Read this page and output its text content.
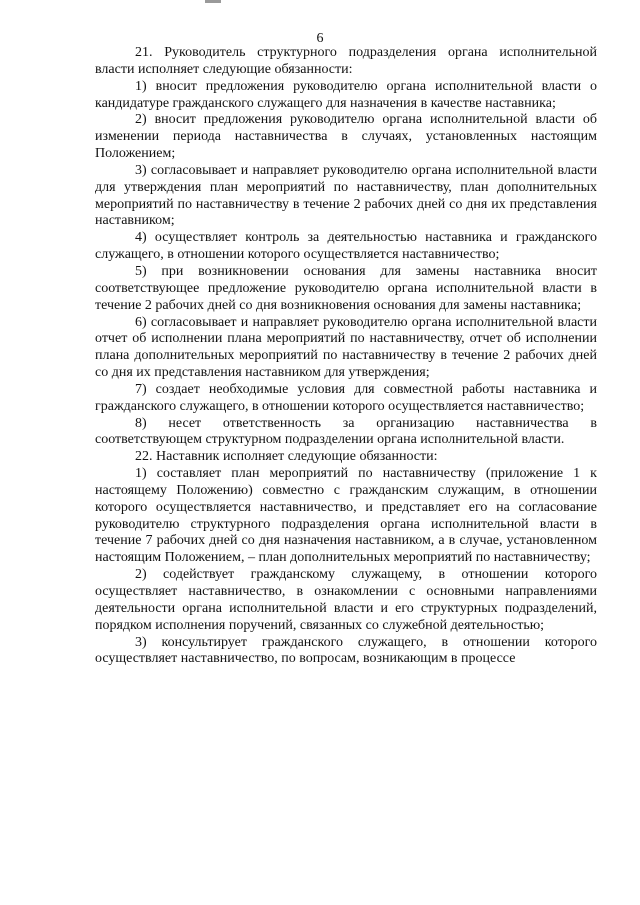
6

21. Руководитель структурного подразделения органа исполнительной власти исполняет следующие обязанности:

1) вносит предложения руководителю органа исполнительной власти о кандидатуре гражданского служащего для назначения в качестве наставника;

2) вносит предложения руководителю органа исполнительной власти об изменении периода наставничества в случаях, установленных настоящим Положением;

3) согласовывает и направляет руководителю органа исполнительной власти для утверждения план мероприятий по наставничеству, план дополнительных мероприятий по наставничеству в течение 2 рабочих дней со дня их представления наставником;

4) осуществляет контроль за деятельностью наставника и гражданского служащего, в отношении которого осуществляется наставничество;

5) при возникновении основания для замены наставника вносит соответствующее предложение руководителю органа исполнительной власти в течение 2 рабочих дней со дня возникновения основания для замены наставника;

6) согласовывает и направляет руководителю органа исполнительной власти отчет об исполнении плана мероприятий по наставничеству, отчет об исполнении плана дополнительных мероприятий по наставничеству в течение 2 рабочих дней со дня их представления наставником для утверждения;

7) создает необходимые условия для совместной работы наставника и гражданского служащего, в отношении которого осуществляется наставничество;

8) несет ответственность за организацию наставничества в соответствующем структурном подразделении органа исполнительной власти.

22. Наставник исполняет следующие обязанности:

1) составляет план мероприятий по наставничеству (приложение 1 к настоящему Положению) совместно с гражданским служащим, в отношении которого осуществляется наставничество, и представляет его на согласование руководителю структурного подразделения органа исполнительной власти в течение 7 рабочих дней со дня назначения наставником, а в случае, установленном настоящим Положением, – план дополнительных мероприятий по наставничеству;

2) содействует гражданскому служащему, в отношении которого осуществляет наставничество, в ознакомлении с основными направлениями деятельности органа исполнительной власти и его структурных подразделений, порядком исполнения поручений, связанных со служебной деятельностью;

3) консультирует гражданского служащего, в отношении которого осуществляет наставничество, по вопросам, возникающим в процессе
